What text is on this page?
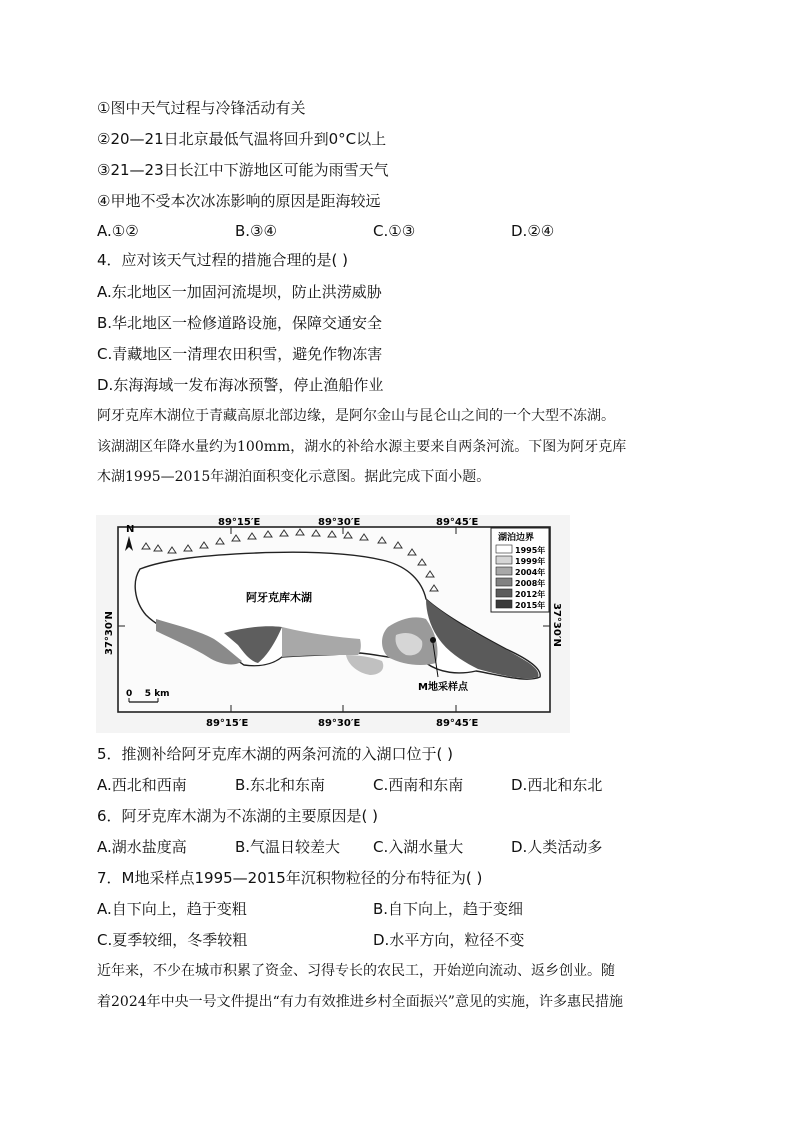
①图中天气过程与冷锋活动有关
②20—21日北京最低气温将回升到0°C以上
③21—23日长江中下游地区可能为雨雪天气
④甲地不受本次冰冻影响的原因是距海较远
A.①②	B.③④	C.①③	D.②④
4．应对该天气过程的措施合理的是( )
A.东北地区一加固河流堤坝，防止洪涝威胁
B.华北地区一检修道路设施，保障交通安全
C.青藏地区一清理农田积雪，避免作物冻害
D.东海海域一发布海冰预警，停止渔船作业
阿牙克库木湖位于青藏高原北部边缘，是阿尔金山与昆仑山之间的一个大型不冻湖。
该湖湖区年降水量约为100mm，湖水的补给水源主要来自两条河流。下图为阿牙克库
木湖1995—2015年湖泊面积变化示意图。据此完成下面小题。
89°15′E	89°30′E	89°45′E
89°15′E	89°30′E	89°45′E
37°30′N	37°30′N
N
阿牙克库木湖
M地采样点
0    5 km
湖泊边界
1995年
1999年
2004年
2008年
2012年
2015年
5．推测补给阿牙克库木湖的两条河流的入湖口位于( )
A.西北和西南	B.东北和东南	C.西南和东南	D.西北和东北
6．阿牙克库木湖为不冻湖的主要原因是( )
A.湖水盐度高	B.气温日较差大 C.入湖水量大	D.人类活动多
7．M地采样点1995—2015年沉积物粒径的分布特征为( )
A.自下向上，趋于变粗	B.自下向上，趋于变细
C.夏季较细，冬季较粗	D.水平方向，粒径不变
近年来，不少在城市积累了资金、习得专长的农民工，开始逆向流动、返乡创业。随
着2024年中央一号文件提出“有力有效推进乡村全面振兴”意见的实施，许多惠民措施
